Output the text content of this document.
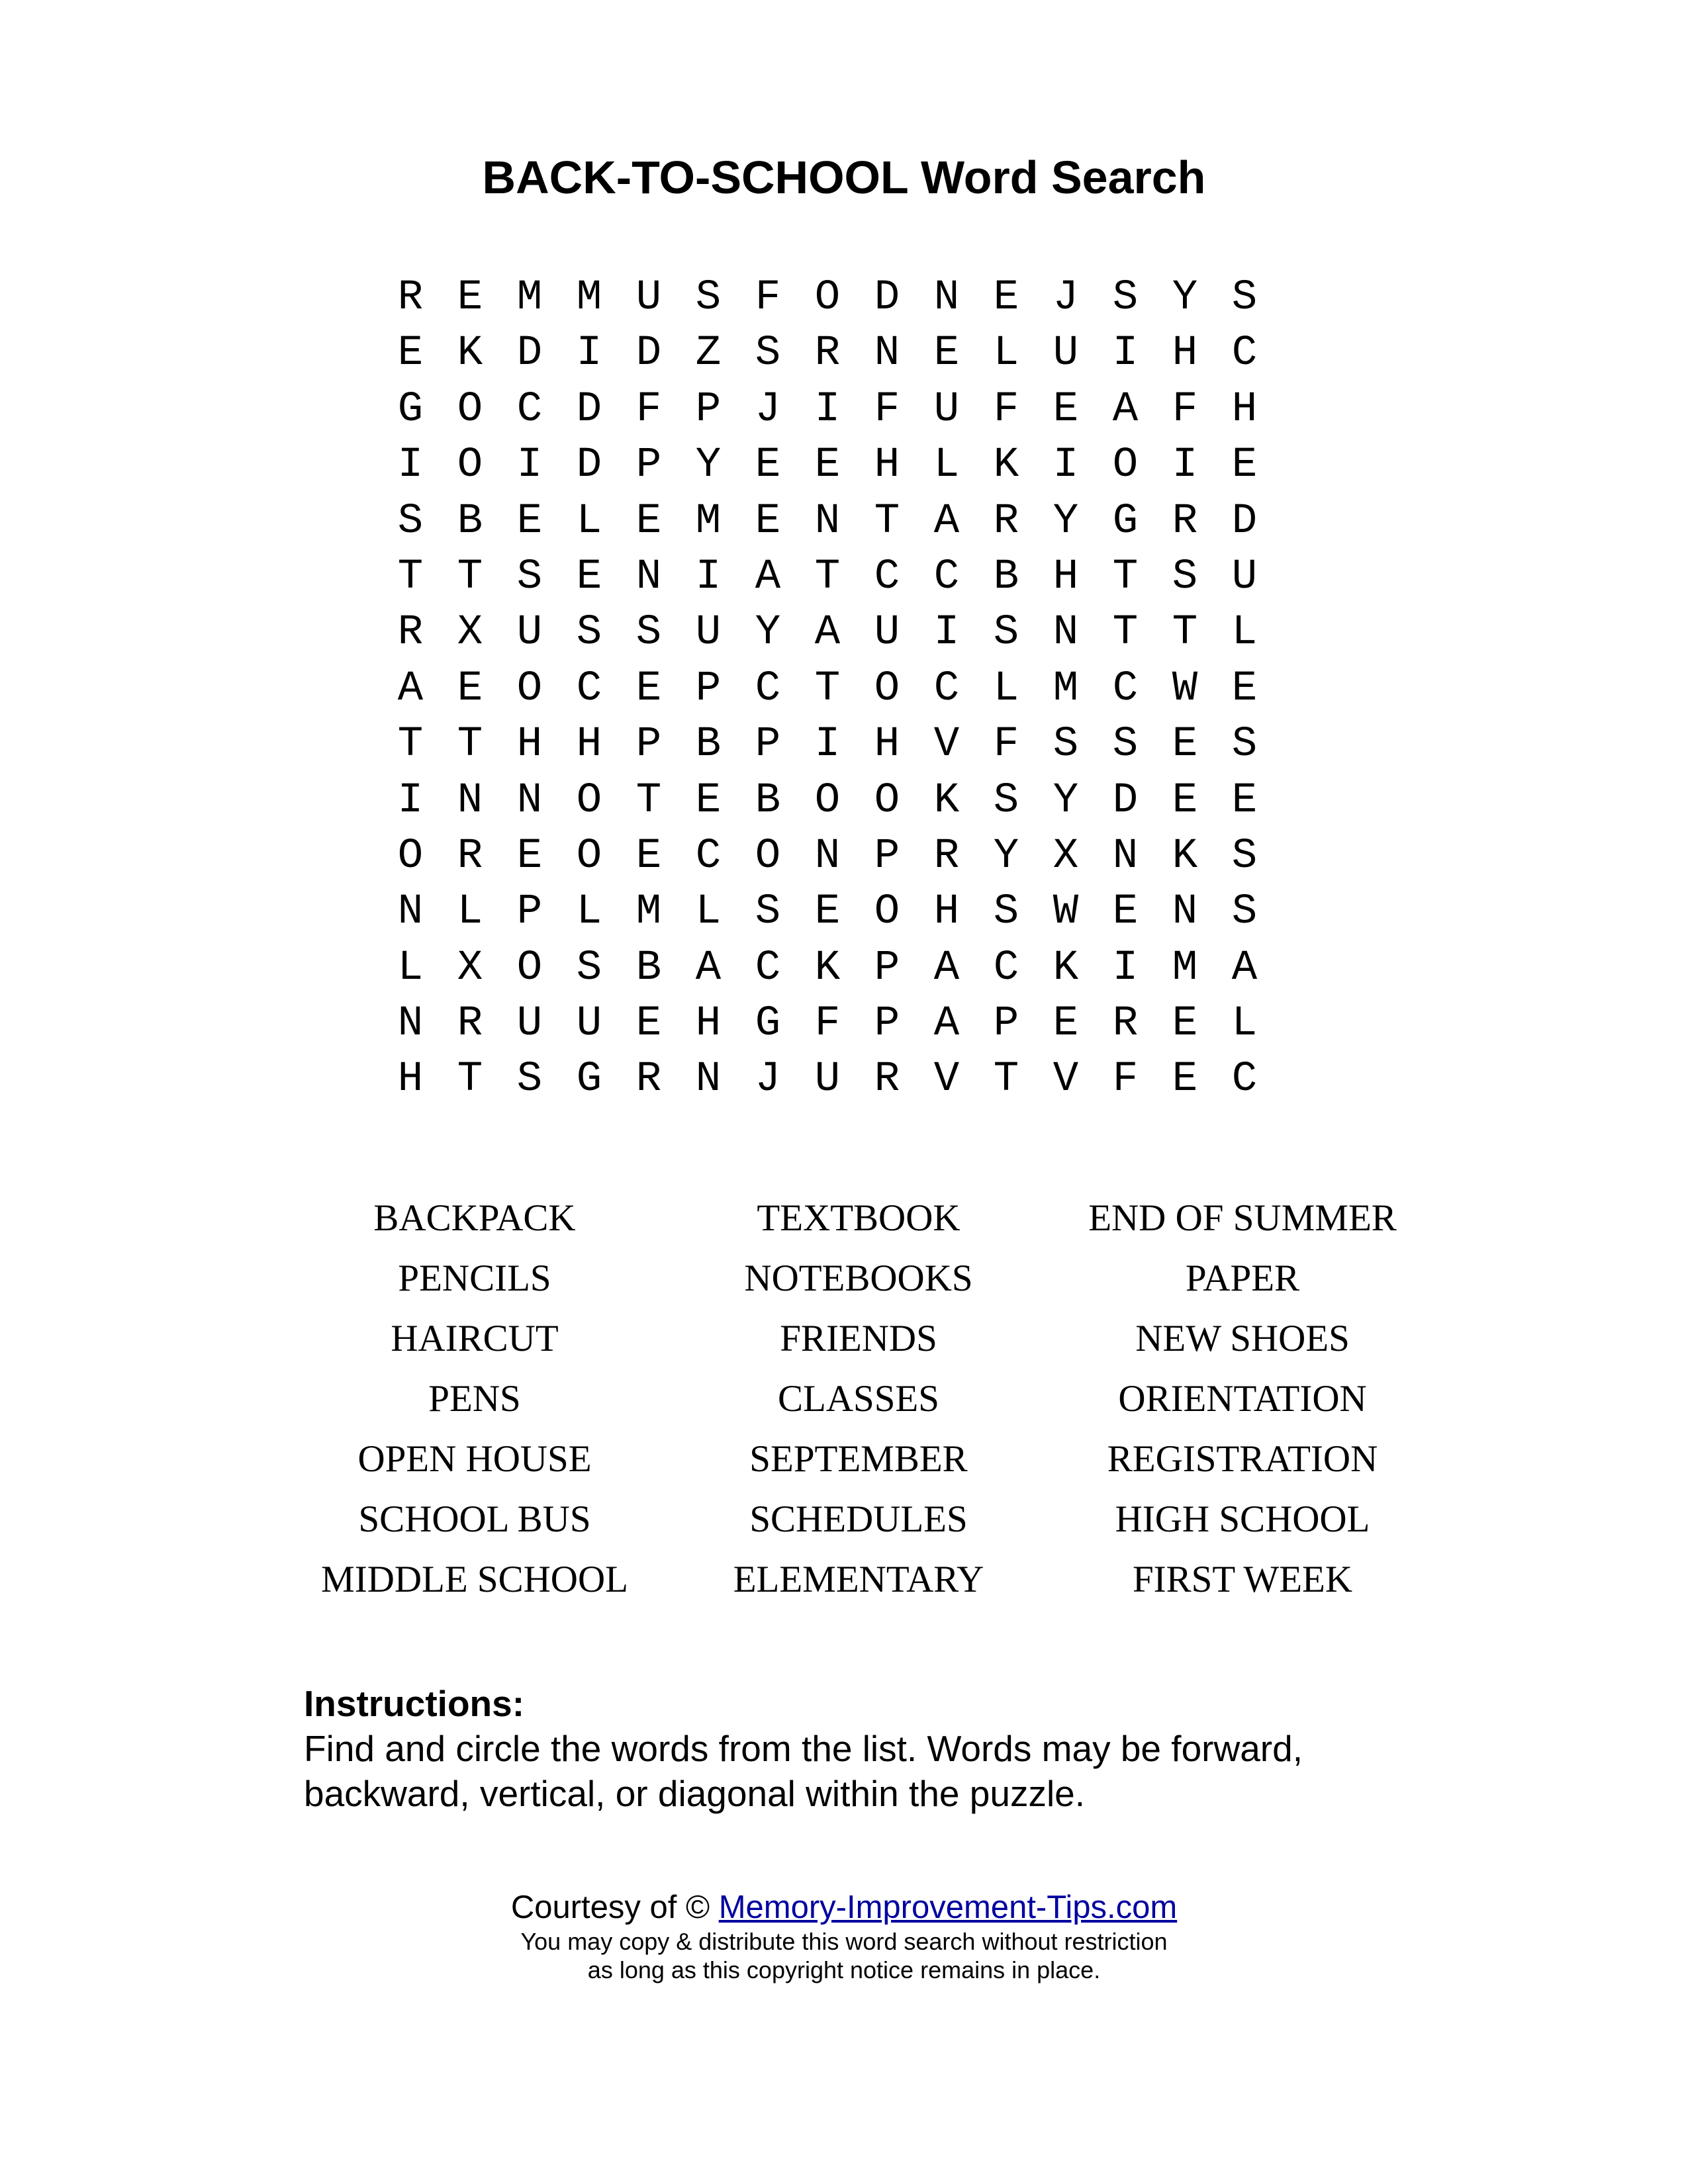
BACK-TO-SCHOOL Word Search
R E M M U S F O D N E J S Y S
E K D I D Z S R N E L U I H C
G O C D F P J I F U F E A F H
I O I D P Y E E H L K I O I E
S B E L E M E N T A R Y G R D
T T S E N I A T C C B H T S U
R X U S S U Y A U I S N T T L
A E O C E P C T O C L M C W E
T T H H P B P I H V F S S E S
I N N O T E B O O K S Y D E E
O R E O E C O N P R Y X N K S
N L P L M L S E O H S W E N S
L X O S B A C K P A C K I M A
N R U U E H G F P A P E R E L
H T S G R N J U R V T V F E C
BACKPACK	TEXTBOOK	END OF SUMMER
PENCILS	NOTEBOOKS	PAPER
HAIRCUT	FRIENDS	NEW SHOES
PENS	CLASSES	ORIENTATION
OPEN HOUSE	SEPTEMBER	REGISTRATION
SCHOOL BUS	SCHEDULES	HIGH SCHOOL
MIDDLE SCHOOL	ELEMENTARY	FIRST WEEK
Instructions:
Find and circle the words from the list. Words may be forward, backward, vertical, or diagonal within the puzzle.
Courtesy of © Memory-Improvement-Tips.com
You may copy & distribute this word search without restriction
as long as this copyright notice remains in place.
